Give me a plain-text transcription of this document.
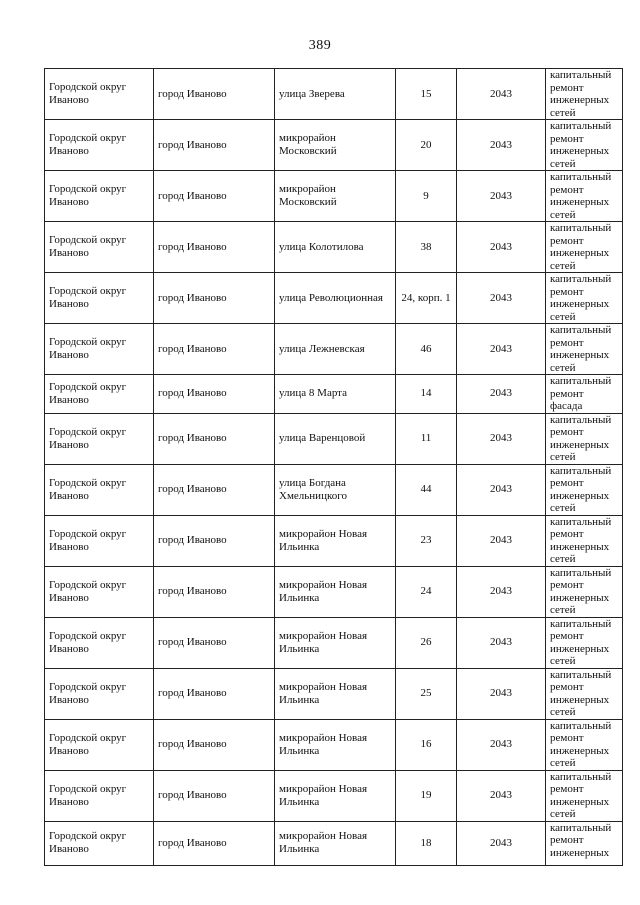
389
Городской округ Иваново	город Иваново	улица Зверева	15	2043	капитальный ремонт инженерных сетей
Городской округ Иваново	город Иваново	микрорайон Московский	20	2043	капитальный ремонт инженерных сетей
Городской округ Иваново	город Иваново	микрорайон Московский	9	2043	капитальный ремонт инженерных сетей
Городской округ Иваново	город Иваново	улица Колотилова	38	2043	капитальный ремонт инженерных сетей
Городской округ Иваново	город Иваново	улица Революционная	24, корп. 1	2043	капитальный ремонт инженерных сетей
Городской округ Иваново	город Иваново	улица Лежневская	46	2043	капитальный ремонт инженерных сетей
Городской округ Иваново	город Иваново	улица 8 Марта	14	2043	капитальный ремонт фасада
Городской округ Иваново	город Иваново	улица Варенцовой	11	2043	капитальный ремонт инженерных сетей
Городской округ Иваново	город Иваново	улица Богдана Хмельницкого	44	2043	капитальный ремонт инженерных сетей
Городской округ Иваново	город Иваново	микрорайон Новая Ильинка	23	2043	капитальный ремонт инженерных сетей
Городской округ Иваново	город Иваново	микрорайон Новая Ильинка	24	2043	капитальный ремонт инженерных сетей
Городской округ Иваново	город Иваново	микрорайон Новая Ильинка	26	2043	капитальный ремонт инженерных сетей
Городской округ Иваново	город Иваново	микрорайон Новая Ильинка	25	2043	капитальный ремонт инженерных сетей
Городской округ Иваново	город Иваново	микрорайон Новая Ильинка	16	2043	капитальный ремонт инженерных сетей
Городской округ Иваново	город Иваново	микрорайон Новая Ильинка	19	2043	капитальный ремонт инженерных сетей
Городской округ Иваново	город Иваново	микрорайон Новая Ильинка	18	2043	капитальный ремонт инженерных
